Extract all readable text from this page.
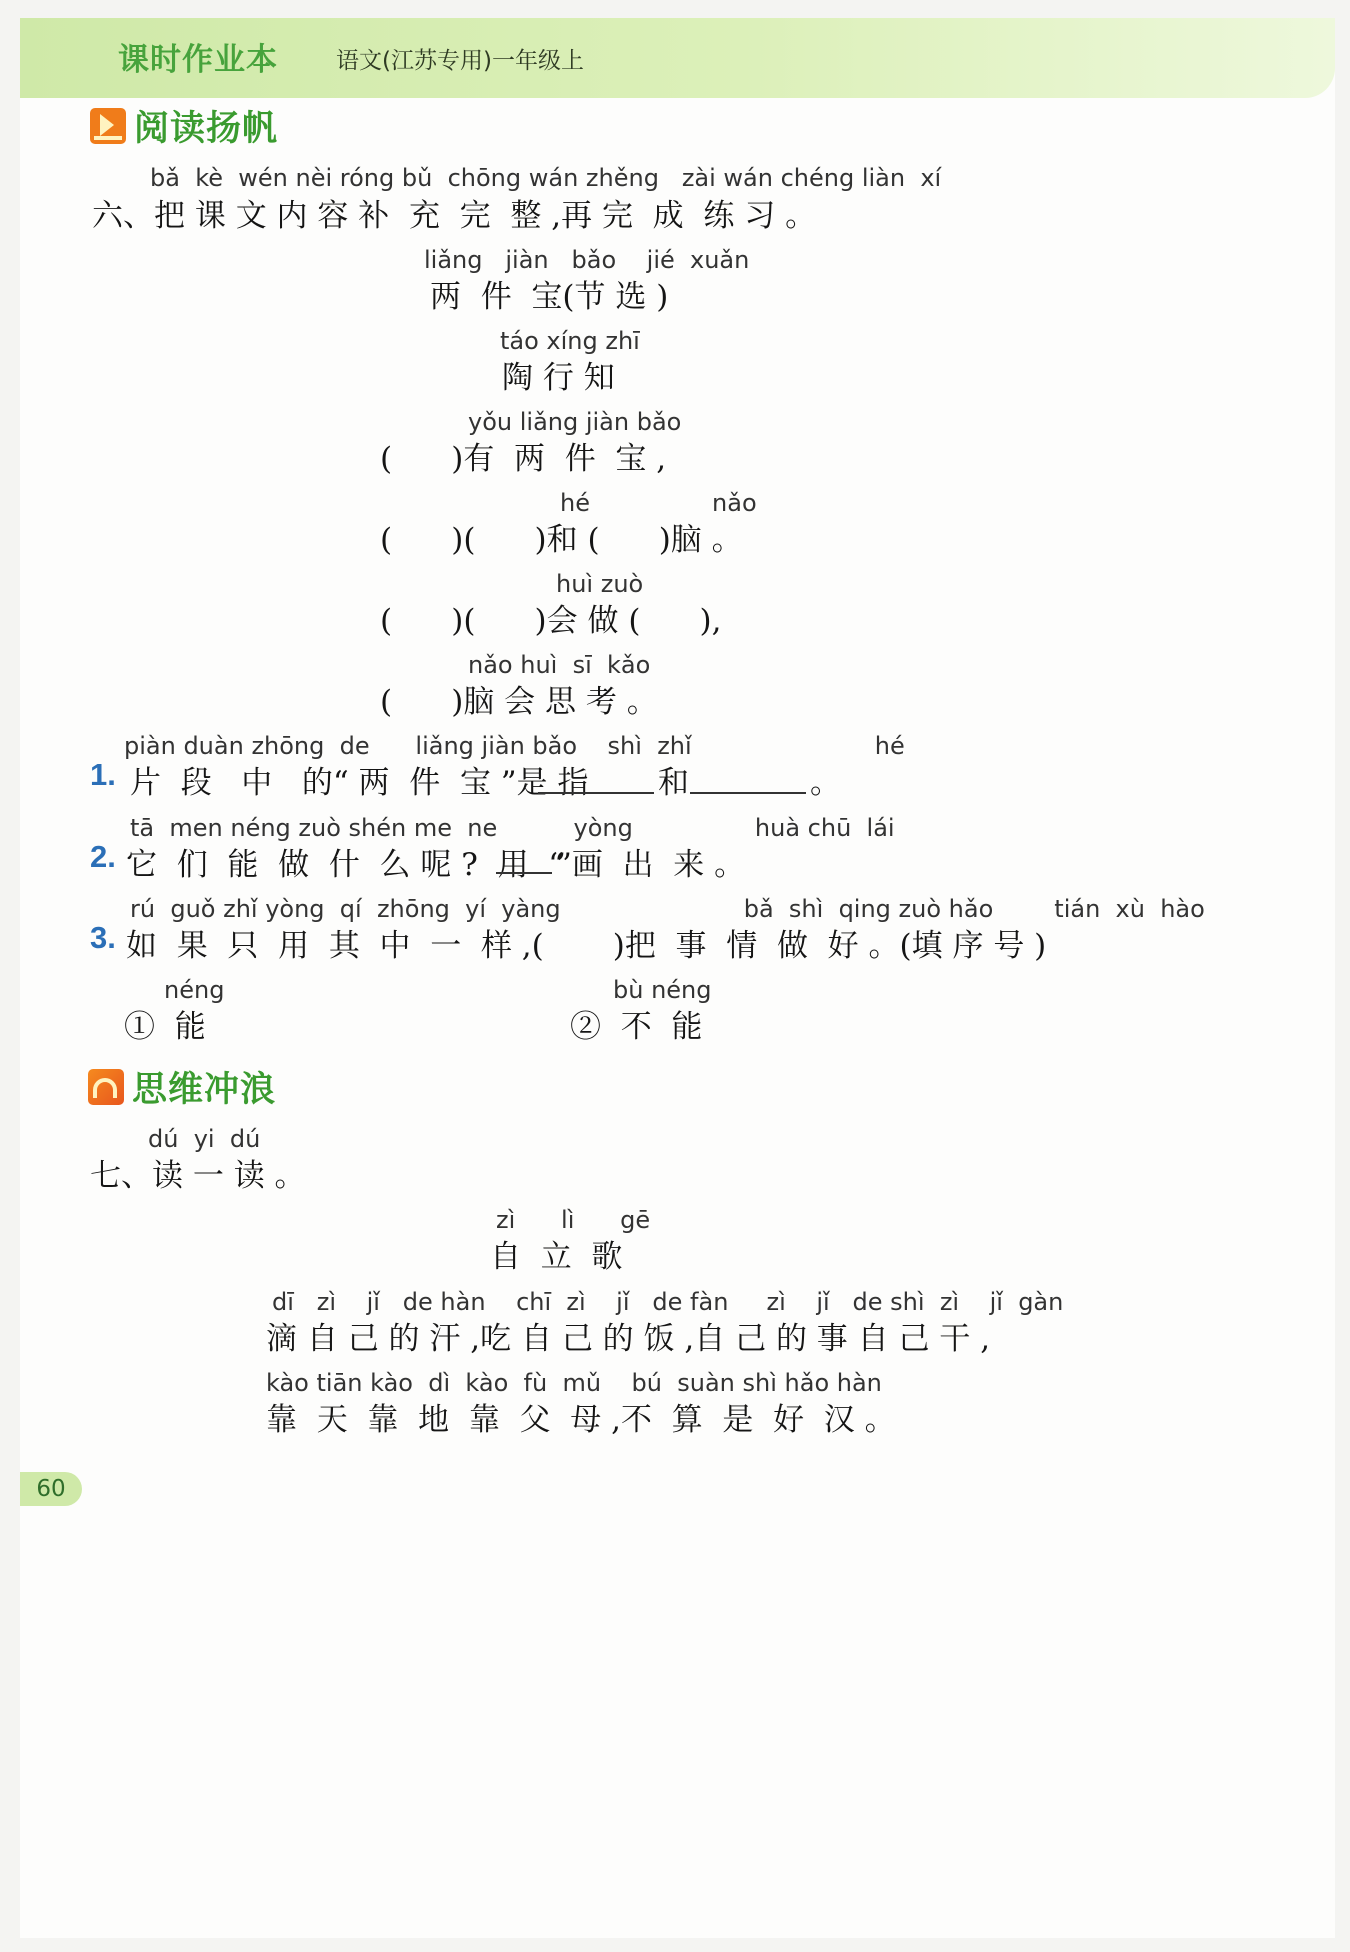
课时作业本	语文(江苏专用)一年级上
阅读扬帆
bǎ  kè  wén nèi róng bǔ  chōng wán zhěng   zài wán chéng liàn  xí
六、把 课 文 内 容 补  充  完  整 ,再 完  成  练 习 。
liǎng   jiàn   bǎo    jié  xuǎn
两  件  宝(节 选 )
táo xíng zhī
陶 行 知
yǒu liǎng jiàn bǎo
(      )有  两  件  宝 ,
hé                nǎo
(      )(      )和 (      )脑 。
huì zuò
(      )(      )会 做 (      ),
nǎo huì  sī  kǎo
(      )脑 会 思 考 。
piàn duàn zhōng  de      liǎng jiàn bǎo    shì  zhǐ                        hé
1. 片  段   中   的“ 两  件  宝 ”是 指 和	。
tā  men néng zuò shén me  ne          yòng                huà chū  lái
2. 它  们  能  做  什  么 呢 ?  用  “
”画  出  来 。
rú  guǒ zhǐ yòng  qí  zhōng  yí  yàng                        bǎ  shì  qing zuò hǎo        tián  xù  hào
3. 如  果  只  用  其  中  一  样 ,(       )把  事  情  做  好 。(填 序 号 )
néng
①  能
bù néng
②  不  能
思维冲浪
dú  yi  dú
七、读 一 读 。
zì      lì      gē
自  立  歌
dī   zì    jǐ   de hàn    chī  zì    jǐ   de fàn     zì    jǐ   de shì  zì    jǐ  gàn
滴 自 己 的 汗 ,吃 自 己 的 饭 ,自 己 的 事 自 己 干 ,
kào tiān kào  dì  kào  fù  mǔ    bú  suàn shì hǎo hàn
靠  天  靠  地  靠  父  母 ,不  算  是  好  汉 。
60
